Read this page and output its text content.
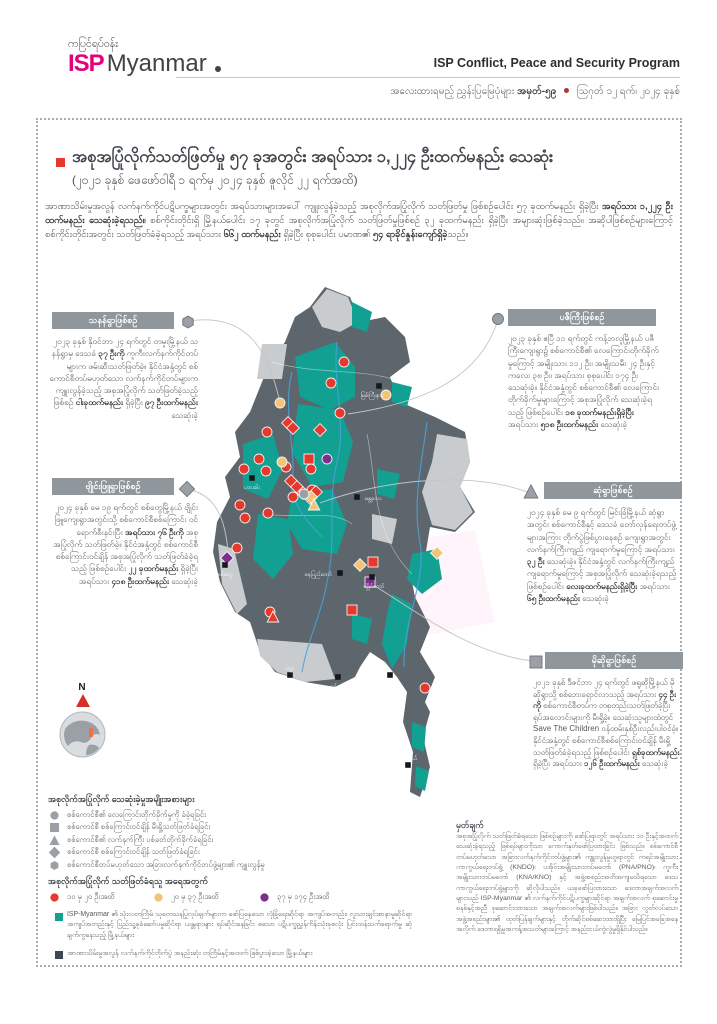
ကပြင်ရပ်ဝန်း
ISP Myanmar	ISP Conflict, Peace and Security Program
အလေးထားရမည့် ညွှန်းပြမြေပုံများ အမှတ်-၅၉ ဩဂုတ် ၁၂ ရက်၊ ၂၀၂၄ ခုနှစ်
အစုအပြုံလိုက်သတ်ဖြတ်မှု ၅၇ ခုအတွင်း အရပ်သား ၁,၂၂၄ ဦးထက်မနည်း သေဆုံး
(၂၀၂၁ ခုနှစ် ဖေဖော်ဝါရီ ၁ ရက်မှ ၂၀၂၄ ခုနှစ် ဇူလိုင် ၂၂ ရက်အထိ)
အာဏာသိမ်းမှုအလွန် လက်နက်ကိုင်ပဋိပက္ခများအတွင်း အရပ်သားများအပေါ် ကျူးလွန်ခဲ့သည့် အစုလိုက်အပြုံလိုက် သတ်ဖြတ်မှု ဖြစ်စဉ်ပေါင်း ၅၇ ခုထက်မနည်း ရှိခဲ့ပြီး အရပ်သား ၁,၂၂၄ ဦးထက်မနည်း သေဆုံးခဲ့ရသည်။ စစ်ကိုင်းတိုင်းရှိ မြို့နယ်ပေါင်း ၁၇ ခုတွင် အစုလိုက်အပြုံလိုက် သတ်ဖြတ်မှုဖြစ်စဉ် ၃၂ ခုထက်မနည်း ရှိခဲ့ပြီး အများဆုံးဖြစ်ခဲ့သည်။ အဆိုပါဖြစ်စဉ်များကြောင့် စစ်ကိုင်းတိုင်းအတွင်း သတ်ဖြတ်ခံခဲ့ရသည့် အရပ်သား ၆၆၂ ထက်မနည်း ရှိခဲ့ပြီး စုစုပေါင်း ပမာဏ၏ ၅၄ ရာခိုင်နှုန်းကျော်ရှိခဲ့သည်။
မြစ်ကြီးနား
ဟားခါး
စစ်တွေ
မန္တလေး
နေပြည်တော်
လွိုင်ကော်
ပဲခူး
ရန်ကုန်
မော်လမြိုင်
ထားဝယ်
N
သနန်ရွာဖြစ်စဉ်
၂၀၂၃ ခုနှစ် နိုဝင်ဘာ ၂၄ ရက်တွင် တမူးမြို့နယ် သနန်ရွာမှ ဒေသခံ ၃၇ ဦးကို ကူကီးလက်နက်ကိုင်တပ်များက ဖမ်းဆီးသတ်ဖြတ်ခဲ့။ နိုင်ငံအနှံ့တွင် စစ်ကောင်စီတပ်မဟုတ်သော လက်နက်ကိုင်တပ်များက ကျူးလွန်ခဲ့သည့် အစုအပြုံလိုက် သတ်ဖြတ်ခဲ့သည့်ဖြစ်စဉ် ငါးခုထက်မနည်း ရှိခဲ့ပြီး ၉၇ ဦးထက်မနည်း သေဆုံးခဲ့
ဗျိုင်းဖြူရွာဖြစ်စဉ်
၂၀၂၄ ခုနှစ် မေ ၁၉ ရက်တွင် စစ်တွေမြို့နယ် ဗျိုင်းဖြူကျေးရွာအတွင်းသို့ စစ်ကောင်စီစစ်ကြောင်း ဝင်ရောက်စီးနင်းပြီး အရပ်သား ၇၆ ဦးကို အစုအပြုံလိုက် သတ်ဖြတ်ခဲ့။ နိုင်ငံအနှံ့တွင် စစ်ကောင်စီ စစ်ကြောင်းဝင်ချိန် အစုအပြုံလိုက် သတ်ဖြတ်ခံခဲ့ရသည့် ဖြစ်စဉ်ပေါင်း ၂၂ ခုထက်မနည်း ရှိခဲ့ပြီး အရပ်သား ၄၁၈ ဦးထက်မနည်း သေဆုံးခဲ့
ပဇီကြီးဖြစ်စဉ်
၂၀၂၃ ခုနှစ် ဧပြီ ၁၁ ရက်တွင် ကန့်ဘလူမြို့နယ် ပဇီကြီးကျေးရွာ၌ စစ်ကောင်စီ၏ လေကြောင်းတိုက်ခိုက်မှုကြောင့် အမျိုးသား ၁၁၂ ဦး၊ အမျိုးသမီး ၂၄ ဦးနှင့် ကလေး ၃၈ ဦး၊ အရပ်သား စုစုပေါင်း ၁၇၄ ဦး သေဆုံးခဲ့။ နိုင်ငံအနှံ့တွင် စစ်ကောင်စီ၏ လေကြောင်းတိုက်ခိုက်မှုများကြောင့် အစုအပြုံလိုက် သေဆုံးခဲ့ရသည့် ဖြစ်စဉ်ပေါင်း ၁၈ ခုထက်မနည်းရှိခဲ့ပြီး အရပ်သား ၅၁၈ ဦးထက်မနည်း သေဆုံးခဲ့
ဆုံရွာဖြစ်စဉ်
၂၀၂၄ ခုနှစ် မေ ၉ ရက်တွင် မြင်းခြံမြို့နယ် ဆုံရွာအတွင်း စစ်ကောင်စီနှင့် ဒေသခံ တော်လှန်ရေးတပ်ဖွဲ့များအကြား တိုက်ပွဲဖြစ်ပွားနေစဉ် ကျေးရွာအတွင်း လက်နက်ကြီးကျည် ကျရောက်မှုကြောင့် အရပ်သား ၃၂ ဦး သေဆုံးခဲ့။ နိုင်ငံအနှံ့တွင် လက်နက်ကြီးကျည် ကျရောက်မှုကြောင့် အစုအပြုံလိုက် သေဆုံးခဲ့ရသည့် ဖြစ်စဉ်ပေါင်း လေးခုထက်မနည်းရှိခဲ့ပြီး အရပ်သား ၆၅ ဦးထက်မနည်း သေဆုံးခဲ့
မိုဆိုရွာဖြစ်စဉ်
၂၀၂၁ ခုနှစ် ဒီဇင်ဘာ ၂၄ ရက်တွင် ဖရူဆိုမြို့နယ် မိုဆိုရွာသို့ စစ်ဘေးရှောင်လာသည့် အရပ်သား ၄၄ ဦးကို စစ်ကောင်စီတပ်က တစုတည်းသတ်ဖြတ်ခဲ့ပြီး ရုပ်အလောင်းများကို မီးရှို့ခဲ့။ သေဆုံးသူများထဲတွင် Save The Children ဝန်ထမ်းနှစ်ဦးလည်းပါဝင်ခဲ့။ နိုင်ငံအနှံ့တွင် စစ်ကောင်စီစစ်ကြောင်းဝင်ချိန် မီးရှို့သတ်ဖြတ်ခံခဲ့ရသည့် ဖြစ်စဉ်ပေါင်း ရှစ်ခုထက်မနည်း ရှိခဲ့ပြီး အရပ်သား ၁၂၆ ဦးထက်မနည်း သေဆုံးခဲ့
အစုလိုက်အပြုံလိုက် သေဆုံးခဲ့မှုအမျိုးအစားများ
စစ်ကောင်စီ၏ လေကြောင်းတိုက်ခိုက်မှုကို ခံခဲ့ရခြင်း
စစ်ကောင်စီ စစ်ကြောင်းဝင်ချိန် မီးရှို့သတ်ဖြတ်ခံရခြင်း
စစ်ကောင်စီ၏ လက်နက်ကြီး ပစ်ခတ်တိုက်ခိုက်ခံရခြင်း
စစ်ကောင်စီ စစ်ကြောင်းဝင်ချိန် သတ်ဖြတ်ခံရခြင်း
စစ်ကောင်စီတပ်မဟုတ်သော အခြားလက်နက်ကိုင်တပ်ဖွဲ့များ၏ ကျူးလွန်မှု
အစုလိုက်အပြုံလိုက် သတ်ဖြတ်ခံရသူ အရေအတွက်
၁၀ မှ ၂၀ ဦးအထိ	၂၀ မှ ၃၇ ဦးအထိ	၃၇ မှ ၁၇၄ ဦးအထိ
ISP-Myanmar ၏ သုံးလတကြိမ် သုတေသနပြုလုပ်ချက်များက ဖော်ပြနေသော လုံခြုံရေးဆိုင်ရာ အကျပ်အတည်း၊ လူသားချင်းစာနာမှုဆိုင်ရာ အကျပ်အတည်းနှင့် ပြည်သူ့ခုခံဆော်ပမှုဆိုင်ရာ ယန္တရားများ ရပ်ဆိုင်းနေခြင်း စသော ပဋိပက္ခညွှန်ကိန်းသုံးခုစလုံး ပြင်းထန်သက်ရောက်မှု ဆုံချက်ကွနေသည့် မြို့နယ်များ
အာဏာသိမ်းမှုအလွန် လက်နက်ကိုင်တိုက်ပွဲ အနည်းဆုံး တကြိမ်နှင့်အထက် ဖြစ်ပွားခဲ့သော မြို့နယ်များ
မှတ်ချက်
အစုအပြုံလိုက် သတ်ဖြတ်ခံရသော ဖြစ်စဉ်များကို ဖော်ပြရာတွင် အရပ်သား ၁၀ ဦးနှင့်အထက် သေဆုံးခဲ့ရသည့် ဖြစ်ရပ်များကိုသာ ကောက်နုတ်ဖော်ပြထားခြင်း ဖြစ်သည်။ စစ်ကောင်စီတပ်မဟုတ်သော အခြားလက်နက်ကိုင်တပ်ဖွဲ့များ၏ ကျူးလွန်မှုဟူရာတွင် ကရင်အမျိုးသား ကာကွယ်ရေးတပ်ဖွဲ့ (KNDO)၊ ပအိုဝ်းအမျိုးသားတပ်မတော် (PNA/PNO)၊ ကူကီးအမျိုးသားတပ်မတော် (KNA/KNO) နှင့် အဖွဲ့အစည်းအတိအကျမသိရသော ဒေသကာကွယ်ရေးတပ်ဖွဲ့များကို ဆိုလိုပါသည်။ ယခုဖော်ပြထားသော ဒေတာအချက်အလက်များသည် ISP-Myanmar ၏ လက်နက်ကိုင်ပဋိပက္ခများဆိုင်ရာ အချက်အလက် စုဆောင်းမှုစနစ်နှင့်အညီ စုဆောင်းထားသော အချက်အလက်များဖြစ်ပါသည်။ အခြား လွတ်လပ်သောအဖွဲ့အစည်းများ၏ ထုတ်ပြန်ချက်များနှင့် တိုက်ဆိုင်စစ်ဆေးထားရှိပြီး မြေပြင်အခြေအနေအလိုက် ဒေတာရရှိမှုအကန့်အသတ်များကြောင့် အနည်းငယ်ကွဲလွဲမှုရှိနိုင်ပါသည်။
